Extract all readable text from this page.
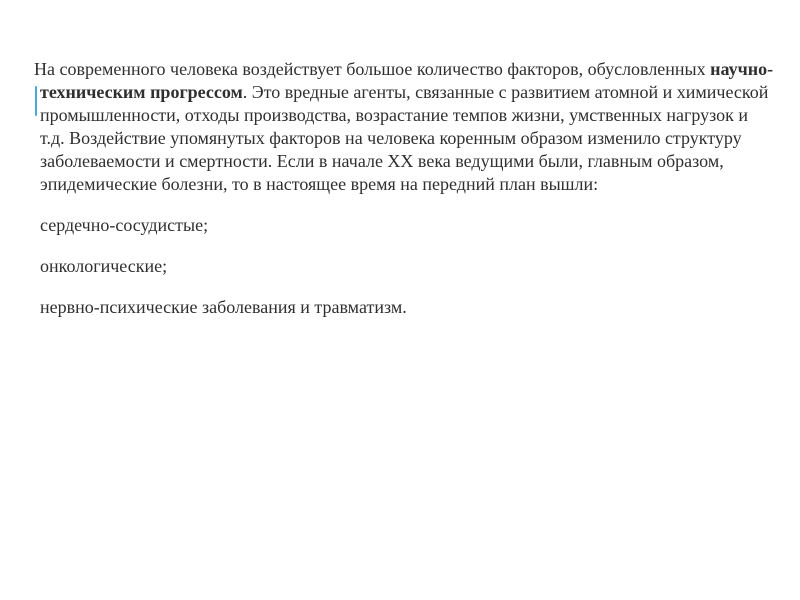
На современного человека воздействует большое количество факторов, обусловленных научно-техническим прогрессом. Это вредные агенты, связанные с развитием атомной и химической промышленности, отходы производства, возрастание темпов жизни, умственных нагрузок и т.д. Воздействие упомянутых факторов на человека коренным образом изменило структуру заболеваемости и смертности. Если в начале XX века ведущими были, главным образом, эпидемические болезни, то в настоящее время на передний план вышли:

сердечно-сосудистые;
онкологические;
нервно-психические заболевания и травматизм.
